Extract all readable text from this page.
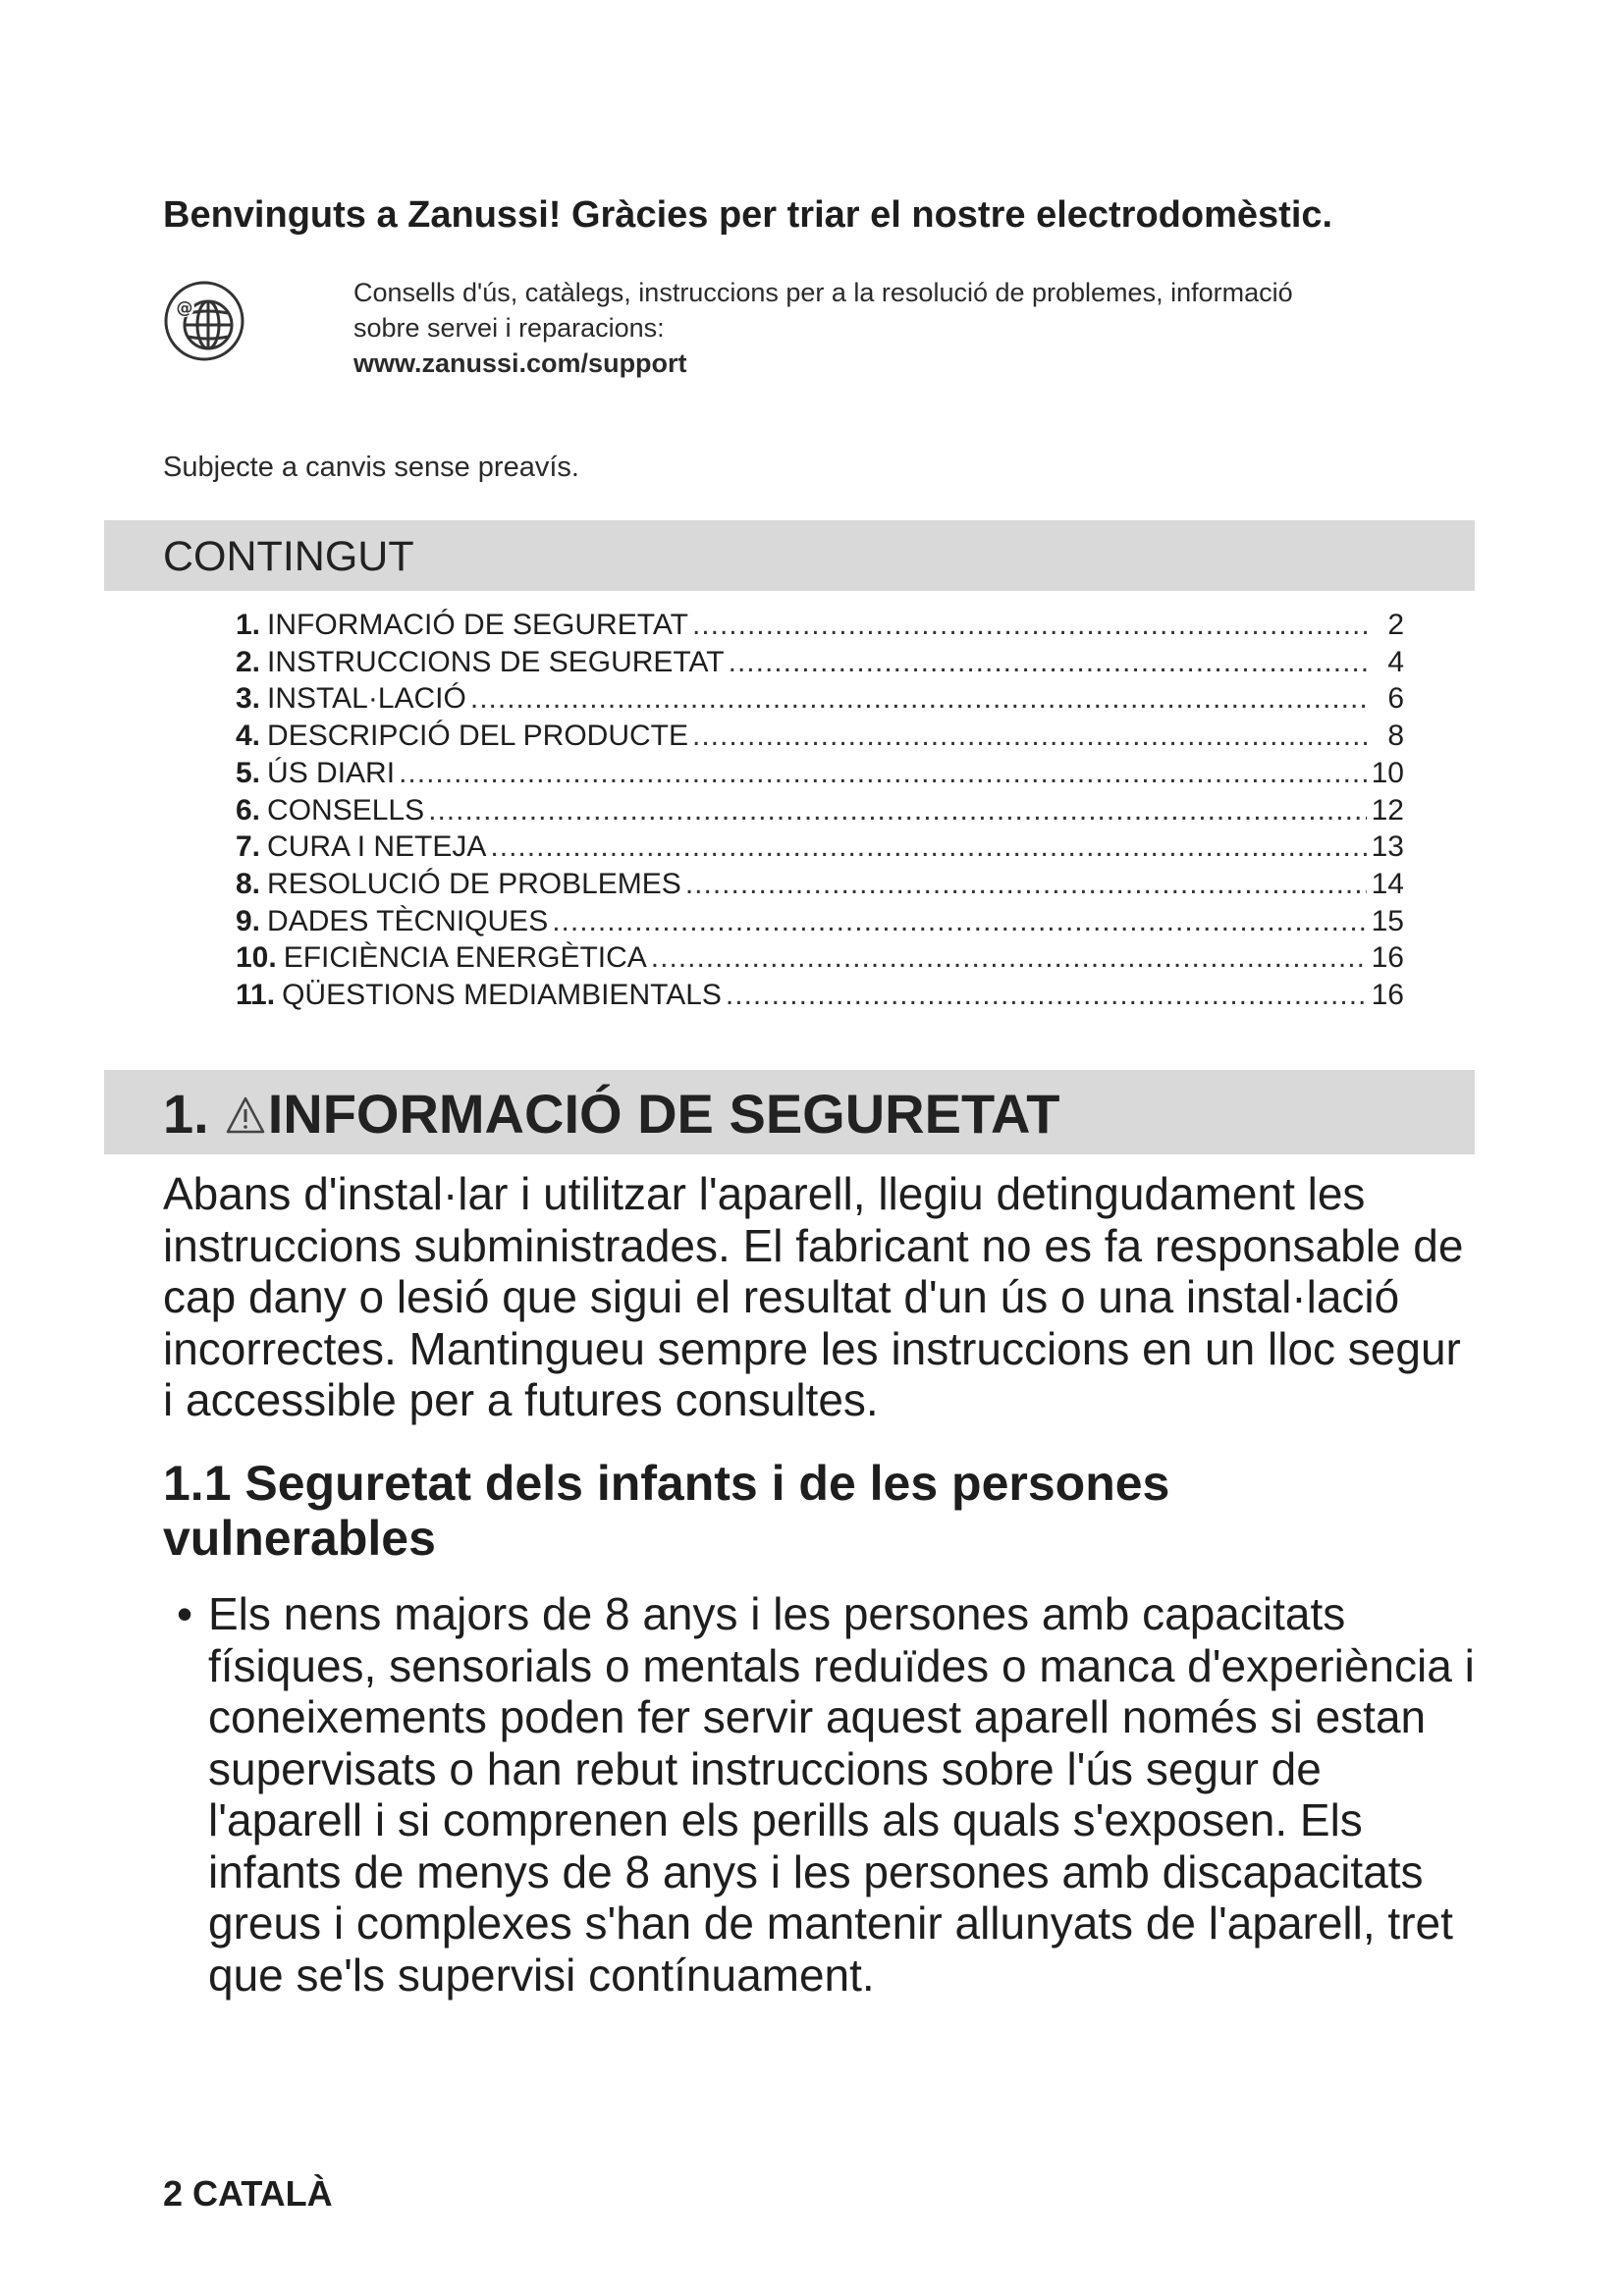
Benvinguts a Zanussi! Gràcies per triar el nostre electrodomèstic.
@
Consells d'ús, catàlegs, instruccions per a la resolució de problemes, informació
sobre servei i reparacions:
www.zanussi.com/support
Subjecte a canvis sense preavís.
CONTINGUT
1. INFORMACIÓ DE SEGURETAT .....	2
2. INSTRUCCIONS DE SEGURETAT .....	4
3. INSTAL·LACIÓ .....	6
4. DESCRIPCIÓ DEL PRODUCTE .....	8
5. ÚS DIARI .....	10
6. CONSELLS .....	12
7. CURA I NETEJA .....	13
8. RESOLUCIÓ DE PROBLEMES .....	14
9. DADES TÈCNIQUES .....	15
10. EFICIÈNCIA ENERGÈTICA .....	16
11. QÜESTIONS MEDIAMBIENTALS .....	16
1. INFORMACIÓ DE SEGURETAT

Abans d'instal·lar i utilitzar l'aparell, llegiu detingudament les instruccions subministrades. El fabricant no es fa responsable de cap dany o lesió que sigui el resultat d'un ús o una instal·lació incorrectes. Mantingueu sempre les instruccions en un lloc segur i accessible per a futures consultes.

1.1 Seguretat dels infants i de les persones vulnerables
• Els nens majors de 8 anys i les persones amb capacitats físiques, sensorials o mentals reduïdes o manca d'experiència i coneixements poden fer servir aquest aparell només si estan supervisats o han rebut instruccions sobre l'ús segur de l'aparell i si comprenen els perills als quals s'exposen. Els infants de menys de 8 anys i les persones amb discapacitats greus i complexes s'han de mantenir allunyats de l'aparell, tret que se'ls supervisi contínuament.
2 CATALÀ
